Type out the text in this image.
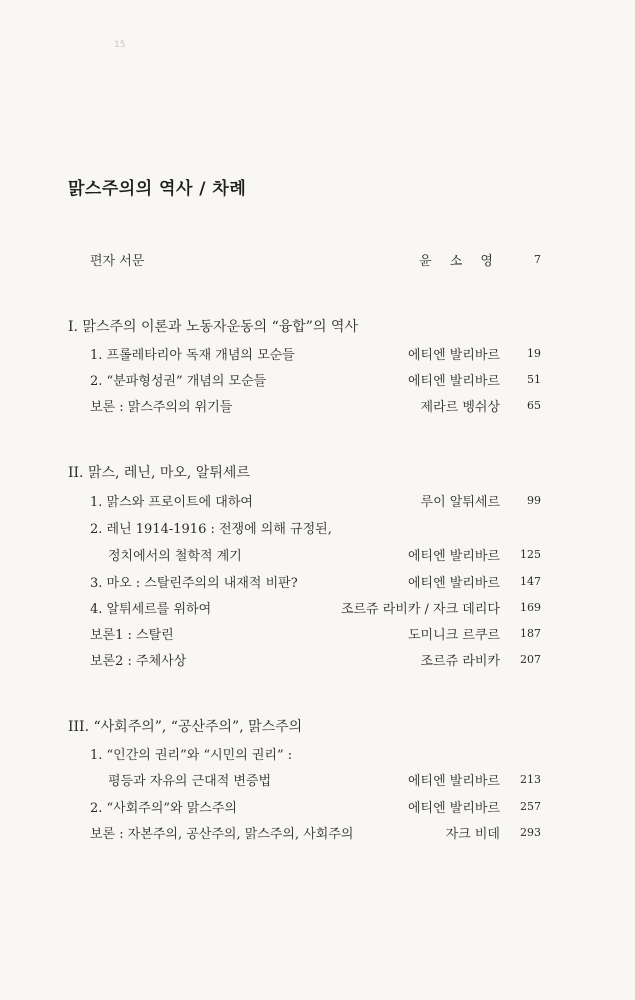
15
맑스주의의 역사 / 차례
편자 서문	윤 소 영	7
I. 맑스주의 이론과 노동자운동의 “융합”의 역사
1. 프롤레타리아 독재 개념의 모순들	에티엔 발리바르	19
2. “분파형성권” 개념의 모순들	에티엔 발리바르	51
보론 : 맑스주의의 위기들	제라르 벵쉬상	65
II. 맑스, 레닌, 마오, 알튀세르
1. 맑스와 프로이트에 대하여	루이 알튀세르	99
2. 레닌 1914-1916 : 전쟁에 의해 규정된,
정치에서의 철학적 계기	에티엔 발리바르	125
3. 마오 : 스탈린주의의 내재적 비판?	에티엔 발리바르	147
4. 알튀세르를 위하여	조르쥬 라비카 / 자크 데리다	169
보론1 : 스탈린	도미니크 르쿠르	187
보론2 : 주체사상	조르쥬 라비카	207
III. “사회주의”, “공산주의”, 맑스주의
1. “인간의 권리”와 “시민의 권리” :
평등과 자유의 근대적 변증법	에티엔 발리바르	213
2. “사회주의”와 맑스주의	에티엔 발리바르	257
보론 : 자본주의, 공산주의, 맑스주의, 사회주의	자크 비데	293
